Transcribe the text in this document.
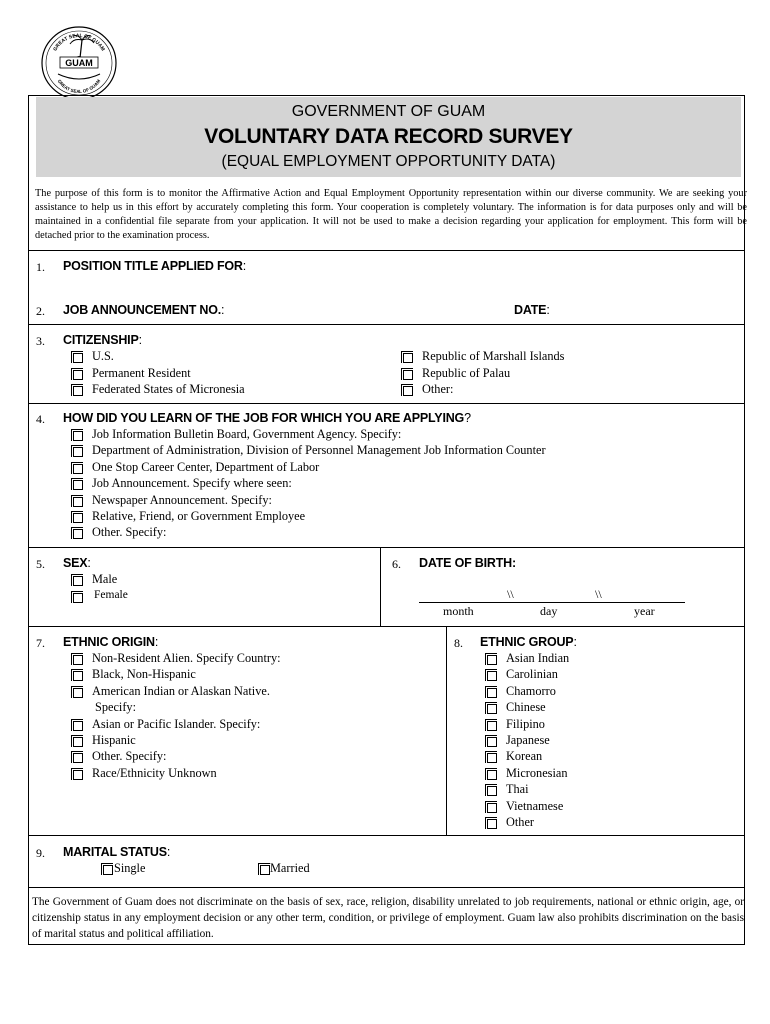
GREAT SEAL OF GUAM
GREAT SEAL OF GUAM
GUAM
GOVERNMENT OF GUAM
VOLUNTARY DATA RECORD SURVEY
(EQUAL EMPLOYMENT OPPORTUNITY DATA)
The purpose of this form is to monitor the Affirmative Action and Equal Employment Opportunity representation within our diverse community. We are seeking your assistance to help us in this effort by accurately completing this form. Your cooperation is completely voluntary. The information is for data purposes only and will be maintained in a confidential file separate from your application. It will not be used to make a decision regarding your application for employment. This form will be detached prior to the examination process.
1. POSITION TITLE APPLIED FOR:
2. JOB ANNOUNCEMENT NO.:	DATE:
3. CITIZENSHIP:
U.S.
Permanent Resident
Federated States of Micronesia
Republic of Marshall Islands
Republic of Palau
Other:
4. HOW DID YOU LEARN OF THE JOB FOR WHICH YOU ARE APPLYING?
Job Information Bulletin Board, Government Agency. Specify:
Department of Administration, Division of Personnel Management Job Information Counter
One Stop Career Center, Department of Labor
Job Announcement. Specify where seen:
Newspaper Announcement. Specify:
Relative, Friend, or Government Employee
Other. Specify:
5. SEX:
Male
Female
6. DATE OF BIRTH:
\\	\\
month	day	year
7. ETHNIC ORIGIN:
Non-Resident Alien. Specify Country:
Black, Non-Hispanic
American Indian or Alaskan Native.
Specify:
Asian or Pacific Islander. Specify:
Hispanic
Other. Specify:
Race/Ethnicity Unknown
8. ETHNIC GROUP:
Asian Indian
Carolinian
Chamorro
Chinese
Filipino
Japanese
Korean
Micronesian
Thai
Vietnamese
Other
9. MARITAL STATUS:
Single	Married
The Government of Guam does not discriminate on the basis of sex, race, religion, disability unrelated to job requirements, national or ethnic origin, age, or citizenship status in any employment decision or any other term, condition, or privilege of employment. Guam law also prohibits discrimination on the basis of marital status and political affiliation.
